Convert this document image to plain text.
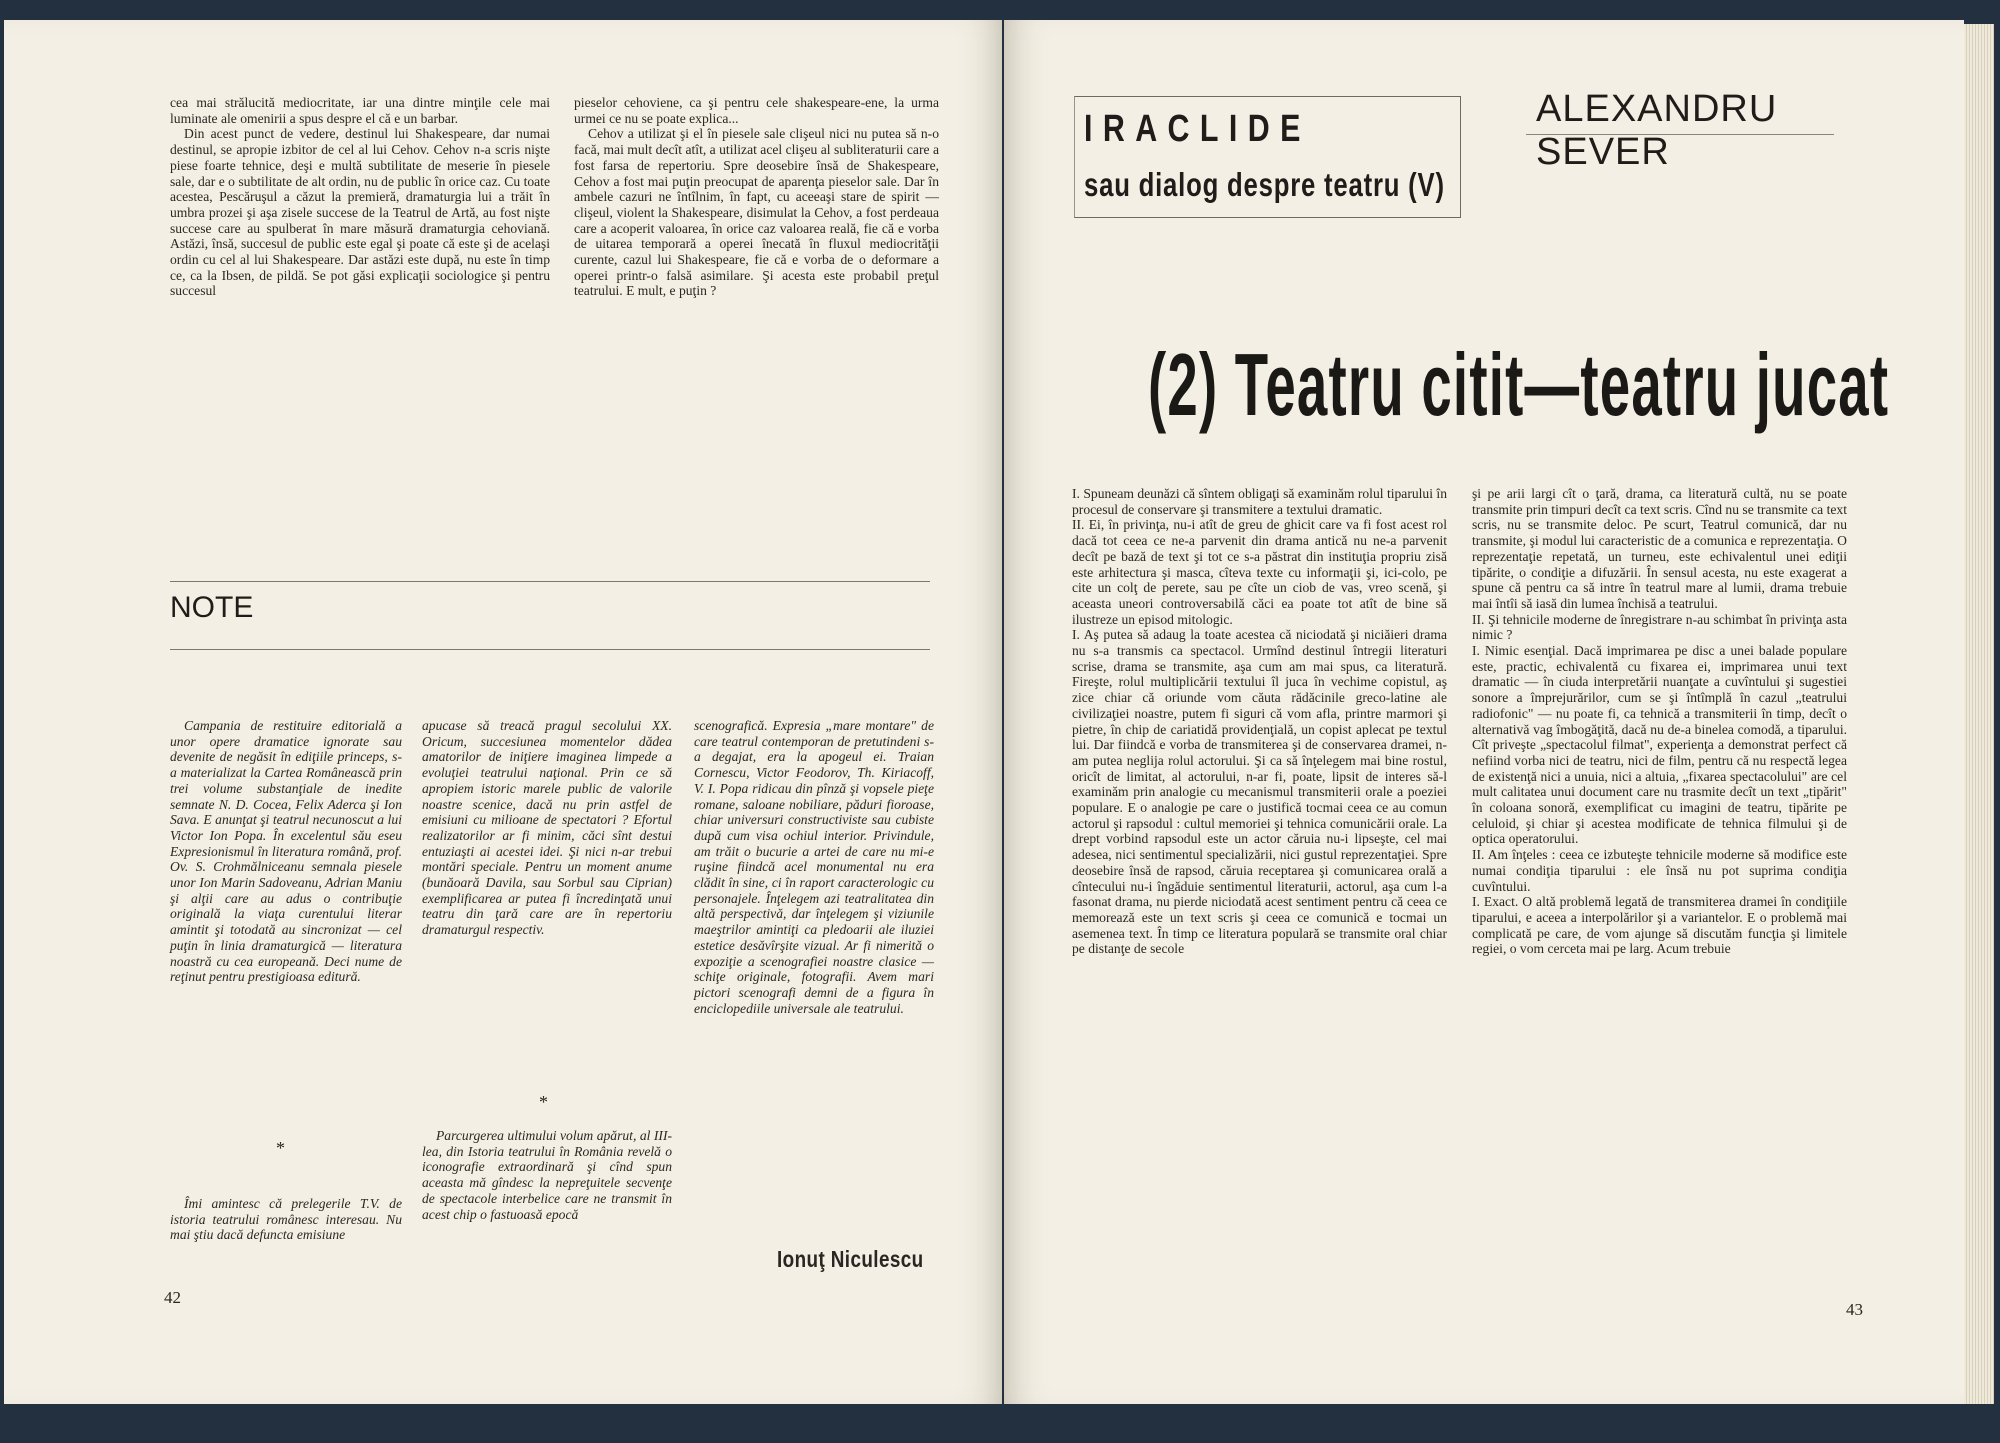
cea mai strălucită mediocritate, iar una dintre minţile cele mai luminate ale omenirii a spus despre el că e un barbar.

Din acest punct de vedere, destinul lui Shakespeare, dar numai destinul, se apropie izbitor de cel al lui Cehov. Cehov n-a scris nişte piese foarte tehnice, deşi e multă subtilitate de meserie în piesele sale, dar e o subtilitate de alt ordin, nu de public în orice caz. Cu toate acestea, Pescăruşul a căzut la premieră, dramaturgia lui a trăit în umbra prozei şi aşa zisele succese de la Teatrul de Artă, au fost nişte succese care au spulberat în mare măsură dramaturgia cehoviană. Astăzi, însă, succesul de public este egal şi poate că este şi de acelaşi ordin cu cel al lui Shakespeare. Dar astăzi este după, nu este în timp ce, ca la Ibsen, de pildă. Se pot găsi explicaţii sociologice şi pentru succesul

pieselor cehoviene, ca şi pentru cele shakespeare-ene, la urma urmei ce nu se poate explica...

Cehov a utilizat şi el în piesele sale clişeul nici nu putea să n-o facă, mai mult decît atît, a utilizat acel clişeu al subliteraturii care a fost farsa de repertoriu. Spre deosebire însă de Shakespeare, Cehov a fost mai puţin preocupat de aparenţa pieselor sale. Dar în ambele cazuri ne întîlnim, în fapt, cu aceeaşi stare de spirit — clişeul, violent la Shakespeare, disimulat la Cehov, a fost perdeaua care a acoperit valoarea, în orice caz valoarea reală, fie că e vorba de uitarea temporară a operei înecată în fluxul mediocrităţii curente, cazul lui Shakespeare, fie că e vorba de o deformare a operei printr-o falsă asimilare. Şi acesta este probabil preţul teatrului. E mult, e puţin ?

NOTE

Campania de restituire editorială a unor opere dramatice ignorate sau devenite de negăsit în ediţiile princeps, s-a materializat la Cartea Românească prin trei volume substanţiale de inedite semnate N. D. Cocea, Felix Aderca şi Ion Sava. E anunţat şi teatrul necunoscut a lui Victor Ion Popa. În excelentul său eseu Expresionismul în literatura română, prof. Ov. S. Crohmălniceanu semnala piesele unor Ion Marin Sadoveanu, Adrian Maniu şi alţii care au adus o contribuţie originală la viaţa curentului literar amintit şi totodată au sincronizat — cel puţin în linia dramaturgică — literatura noastră cu cea europeană. Deci nume de reţinut pentru prestigioasa editură.

*

Îmi amintesc că prelegerile T.V. de istoria teatrului românesc interesau. Nu mai ştiu dacă defuncta emisiune

apucase să treacă pragul secolului XX. Oricum, succesiunea momentelor dădea amatorilor de iniţiere imaginea limpede a evoluţiei teatrului naţional. Prin ce să apropiem istoric marele public de valorile noastre scenice, dacă nu prin astfel de emisiuni cu milioane de spectatori ? Efortul realizatorilor ar fi minim, căci sînt destui entuziaşti ai acestei idei. Şi nici n-ar trebui montări speciale. Pentru un moment anume (bunăoară Davila, sau Sorbul sau Ciprian) exemplificarea ar putea fi încredinţată unui teatru din ţară care are în repertoriu dramaturgul respectiv.

*

Parcurgerea ultimului volum apărut, al III-lea, din Istoria teatrului în România revelă o iconografie extraordinară şi cînd spun aceasta mă gîndesc la nepreţuitele secvenţe de spectacole interbelice care ne transmit în acest chip o fastuoasă epocă

scenografică. Expresia „mare montare" de care teatrul contemporan de pretutindeni s-a degajat, era la apogeul ei. Traian Cornescu, Victor Feodorov, Th. Kiriacoff, V. I. Popa ridicau din pînză şi vopsele pieţe romane, saloane nobiliare, păduri fioroase, chiar universuri constructiviste sau cubiste după cum visa ochiul interior. Privindule, am trăit o bucurie a artei de care nu mi-e ruşine fiindcă acel monumental nu era clădit în sine, ci în raport caracterologic cu personajele. Înţelegem azi teatralitatea din altă perspectivă, dar înţelegem şi viziunile maeştrilor amintiţi ca pledoarii ale iluziei estetice desăvîrşite vizual. Ar fi nimerită o expoziţie a scenografiei noastre clasice — schiţe originale, fotografii. Avem mari pictori scenografi demni de a figura în enciclopediile universale ale teatrului.

Ionuţ Niculescu
42
IRACLIDE
sau dialog despre teatru (V)
ALEXANDRU
SEVER
(2) Teatru citit—teatru jucat

I. Spuneam deunăzi că sîntem obligaţi să examinăm rolul tiparului în procesul de conservare şi transmitere a textului dramatic.

II. Ei, în privinţa, nu-i atît de greu de ghicit care va fi fost acest rol dacă tot ceea ce ne-a parvenit din drama antică nu ne-a parvenit decît pe bază de text şi tot ce s-a păstrat din instituţia propriu zisă este arhitectura şi masca, cîteva texte cu informaţii şi, ici-colo, pe cite un colţ de perete, sau pe cîte un ciob de vas, vreo scenă, şi aceasta uneori controversabilă căci ea poate tot atît de bine să ilustreze un episod mitologic.

I. Aş putea să adaug la toate acestea că niciodată şi niciăieri drama nu s-a transmis ca spectacol. Urmînd destinul întregii literaturi scrise, drama se transmite, aşa cum am mai spus, ca literatură. Fireşte, rolul multiplicării textului îl juca în vechime copistul, aş zice chiar că oriunde vom căuta rădăcinile greco-latine ale civilizaţiei noastre, putem fi siguri că vom afla, printre marmori şi pietre, în chip de cariatidă providenţială, un copist aplecat pe textul lui. Dar fiindcă e vorba de transmiterea şi de conservarea dramei, n-am putea neglija rolul actorului. Şi ca să înţelegem mai bine rostul, oricît de limitat, al actorului, n-ar fi, poate, lipsit de interes să-l examinăm prin analogie cu mecanismul transmiterii orale a poeziei populare. E o analogie pe care o justifică tocmai ceea ce au comun actorul şi rapsodul : cultul memoriei şi tehnica comunicării orale. La drept vorbind rapsodul este un actor căruia nu-i lipseşte, cel mai adesea, nici sentimentul specializării, nici gustul reprezentaţiei. Spre deosebire însă de rapsod, căruia receptarea şi comunicarea orală a cîntecului nu-i îngăduie sentimentul literaturii, actorul, aşa cum l-a fasonat drama, nu pierde niciodată acest sentiment pentru că ceea ce memorează este un text scris şi ceea ce comunică e tocmai un asemenea text. În timp ce literatura populară se transmite oral chiar pe distanţe de secole

şi pe arii largi cît o ţară, drama, ca literatură cultă, nu se poate transmite prin timpuri decît ca text scris. Cînd nu se transmite ca text scris, nu se transmite deloc. Pe scurt, Teatrul comunică, dar nu transmite, şi modul lui caracteristic de a comunica e reprezentaţia. O reprezentaţie repetată, un turneu, este echivalentul unei ediţii tipărite, o condiţie a difuzării. În sensul acesta, nu este exagerat a spune că pentru ca să intre în teatrul mare al lumii, drama trebuie mai întîi să iasă din lumea închisă a teatrului.

II. Şi tehnicile moderne de înregistrare n-au schimbat în privinţa asta nimic ?

I. Nimic esenţial. Dacă imprimarea pe disc a unei balade populare este, practic, echivalentă cu fixarea ei, imprimarea unui text dramatic — în ciuda interpretării nuanţate a cuvîntului şi sugestiei sonore a împrejurărilor, cum se şi întîmplă în cazul „teatrului radiofonic" — nu poate fi, ca tehnică a transmiterii în timp, decît o alternativă vag îmbogăţită, dacă nu de-a binelea comodă, a tiparului. Cît priveşte „spectacolul filmat", experienţa a demonstrat perfect că nefiind vorba nici de teatru, nici de film, pentru că nu respectă legea de existenţă nici a unuia, nici a altuia, „fixarea spectacolului" are cel mult calitatea unui document care nu trasmite decît un text „tipărit" în coloana sonoră, exemplificat cu imagini de teatru, tipărite pe celuloid, şi chiar şi acestea modificate de tehnica filmului şi de optica operatorului.

II. Am înţeles : ceea ce izbuteşte tehnicile moderne să modifice este numai condiţia tiparului : ele însă nu pot suprima condiţia cuvîntului.

I. Exact. O altă problemă legată de transmiterea dramei în condiţiile tiparului, e aceea a interpolărilor şi a variantelor. E o problemă mai complicată pe care, de vom ajunge să discutăm funcţia şi limitele regiei, o vom cerceta mai pe larg. Acum trebuie

43
